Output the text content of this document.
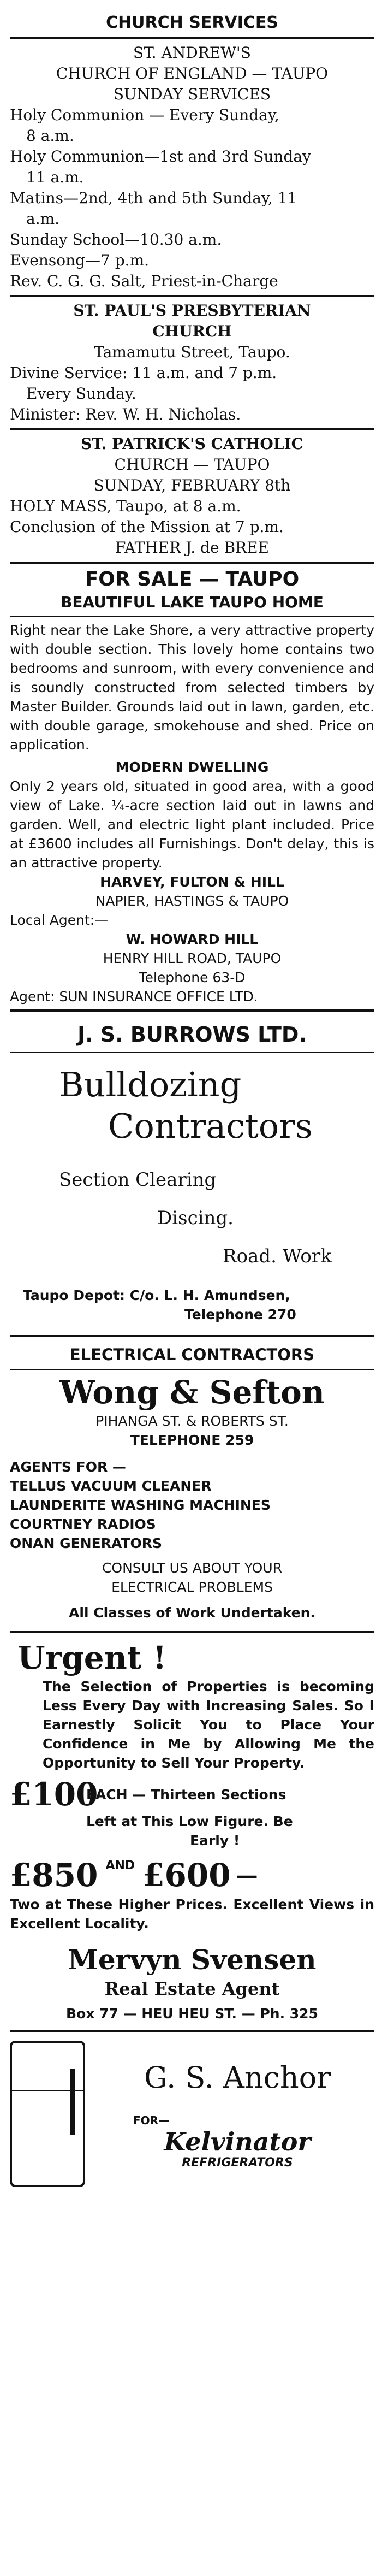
CHURCH SERVICES
ST. ANDREW'S
CHURCH OF ENGLAND — TAUPO
SUNDAY SERVICES
Holy Communion — Every Sunday,
8 a.m.
Holy Communion—1st and 3rd Sunday
11 a.m.
Matins—2nd, 4th and 5th Sunday, 11
a.m.
Sunday School—10.30 a.m.
Evensong—7 p.m.
Rev. C. G. G. Salt, Priest-in-Charge
ST. PAUL'S PRESBYTERIAN
CHURCH
Tamamutu Street, Taupo.
Divine Service: 11 a.m. and 7 p.m.
Every Sunday.
Minister: Rev. W. H. Nicholas.
ST. PATRICK'S CATHOLIC
CHURCH — TAUPO
SUNDAY, FEBRUARY 8th
HOLY MASS, Taupo, at 8 a.m.
Conclusion of the Mission at 7 p.m.
FATHER J. de BREE
FOR SALE — TAUPO
BEAUTIFUL LAKE TAUPO HOME
Right near the Lake Shore, a very attractive property with double section. This lovely home contains two bedrooms and sunroom, with every convenience and is soundly constructed from selected timbers by Master Builder. Grounds laid out in lawn, garden, etc. with double garage, smokehouse and shed. Price on application.
MODERN DWELLING
Only 2 years old, situated in good area, with a good view of Lake. ¼-acre section laid out in lawns and garden. Well, and electric light plant included. Price at £3600 includes all Furnishings. Don't delay, this is an attractive property.
HARVEY, FULTON & HILL
NAPIER, HASTINGS & TAUPO
Local Agent:—
W. HOWARD HILL
HENRY HILL ROAD, TAUPO
Telephone 63-D
Agent: SUN INSURANCE OFFICE LTD.
J. S. BURROWS LTD.
Bulldozing
Contractors
Section Clearing
Discing.
Road. Work
Taupo Depot: C/o. L. H. Amundsen,
Telephone 270
ELECTRICAL CONTRACTORS
Wong & Sefton
PIHANGA ST. & ROBERTS ST.
TELEPHONE 259
AGENTS FOR —
TELLUS VACUUM CLEANER
LAUNDERITE WASHING MACHINES
COURTNEY RADIOS
ONAN GENERATORS
CONSULT US ABOUT YOUR
ELECTRICAL PROBLEMS
All Classes of Work Undertaken.
Urgent !
The Selection of Properties is becoming Less Every Day with Increasing Sales. So I Earnestly Solicit You to Place Your Confidence in Me by Allowing Me the Opportunity to Sell Your Property.
£100
EACH — Thirteen Sections
Left at This Low Figure. Be
Early !
£850 AND £600 —
Two at These Higher Prices. Excellent Views in Excellent Locality.
Mervyn Svensen
Real Estate Agent
Box 77 — HEU HEU ST. — Ph. 325
G. S. Anchor
FOR—
Kelvinator
REFRIGERATORS
